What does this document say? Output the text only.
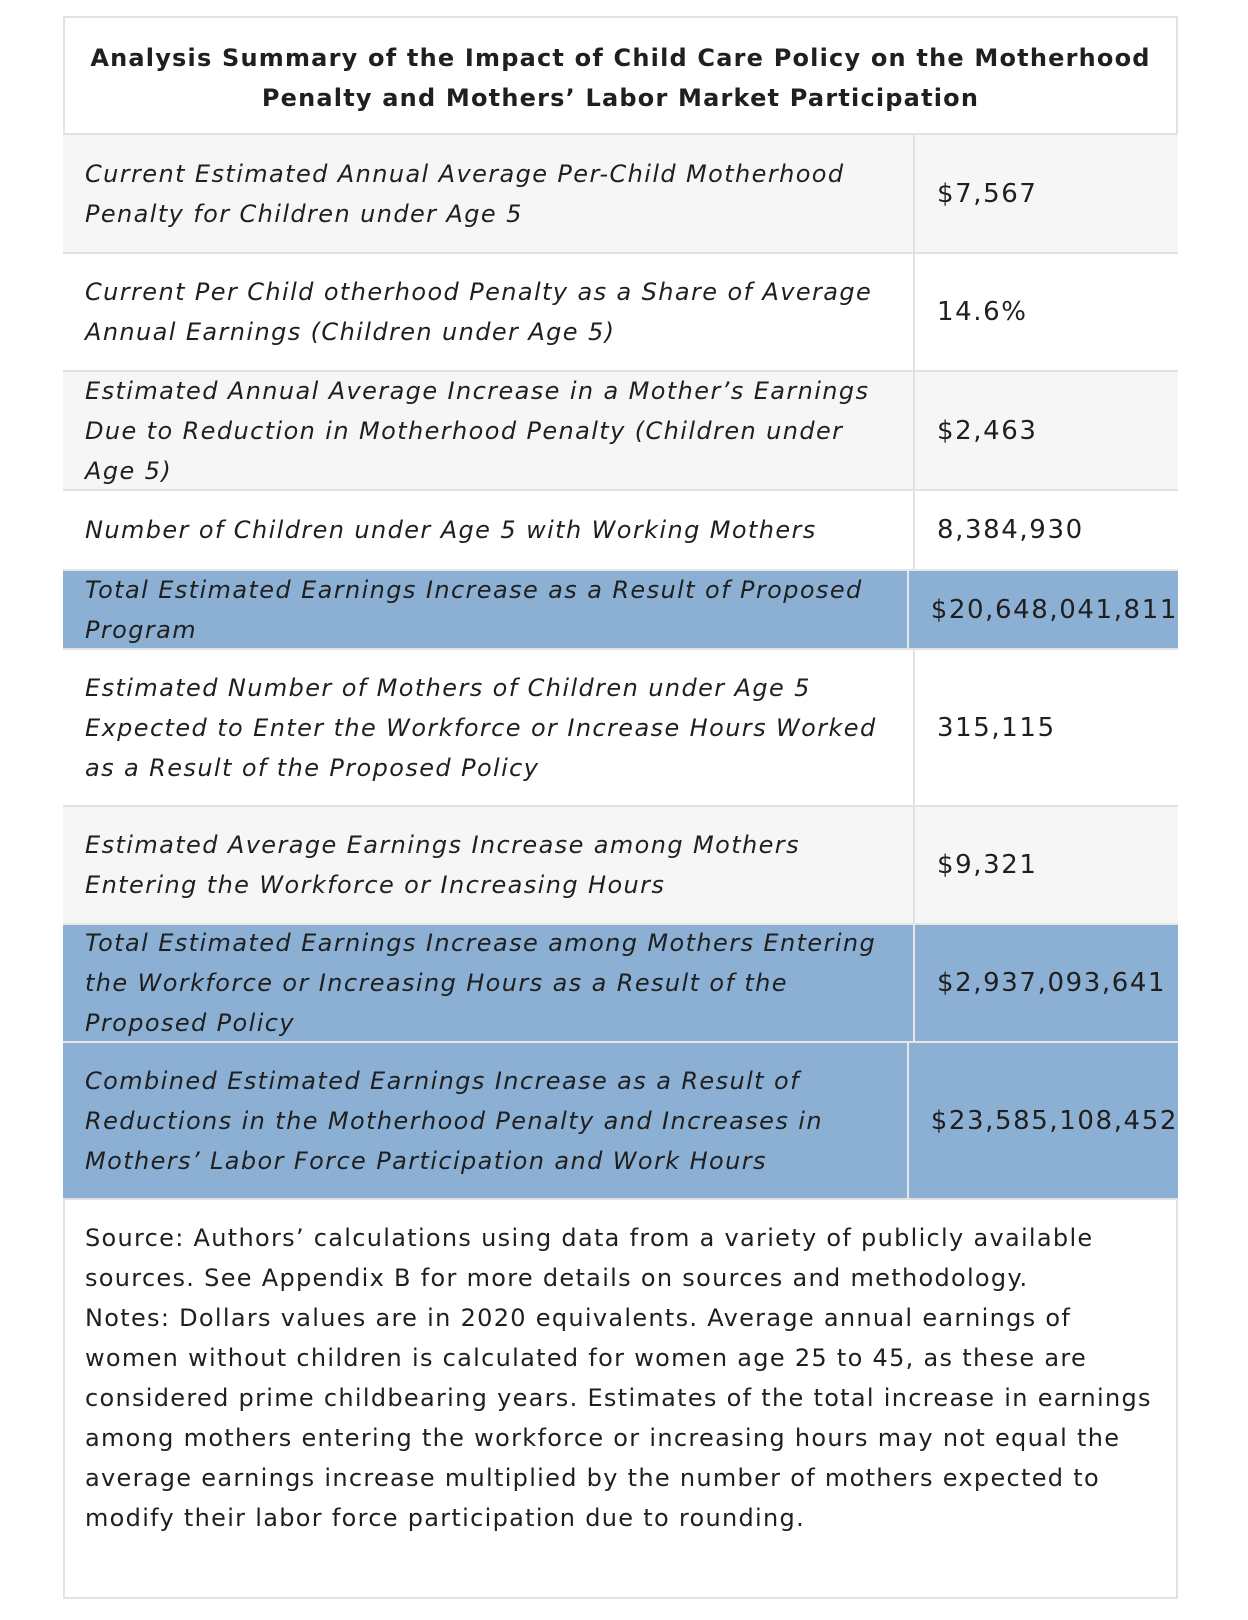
Analysis Summary of the Impact of Child Care Policy on the Motherhood Penalty and Mothers’ Labor Market Participation
Current Estimated Annual Average Per-Child Motherhood Penalty for Children under Age 5
$7,567
Current Per Child otherhood Penalty as a Share of Average Annual Earnings (Children under Age 5)
14.6%
Estimated Annual Average Increase in a Mother’s Earnings Due to Reduction in Motherhood Penalty (Children under Age 5)
$2,463
Number of Children under Age 5 with Working Mothers	8,384,930
Total Estimated Earnings Increase as a Result of Proposed Program
$20,648,041,811
Estimated Number of Mothers of Children under Age 5 Expected to Enter the Workforce or Increase Hours Worked as a Result of the Proposed Policy
315,115
Estimated Average Earnings Increase among Mothers Entering the Workforce or Increasing Hours
$9,321
Total Estimated Earnings Increase among Mothers Entering the Workforce or Increasing Hours as a Result of the Proposed Policy
$2,937,093,641
Combined Estimated Earnings Increase as a Result of Reductions in the Motherhood Penalty and Increases in Mothers’ Labor Force Participation and Work Hours
$23,585,108,452

Source: Authors’ calculations using data from a variety of publicly available sources. See Appendix B for more details on sources and methodology.

Notes: Dollars values are in 2020 equivalents. Average annual earnings of women without children is calculated for women age 25 to 45, as these are considered prime childbearing years. Estimates of the total increase in earnings among mothers entering the workforce or increasing hours may not equal the average earnings increase multiplied by the number of mothers expected to modify their labor force participation due to rounding.
